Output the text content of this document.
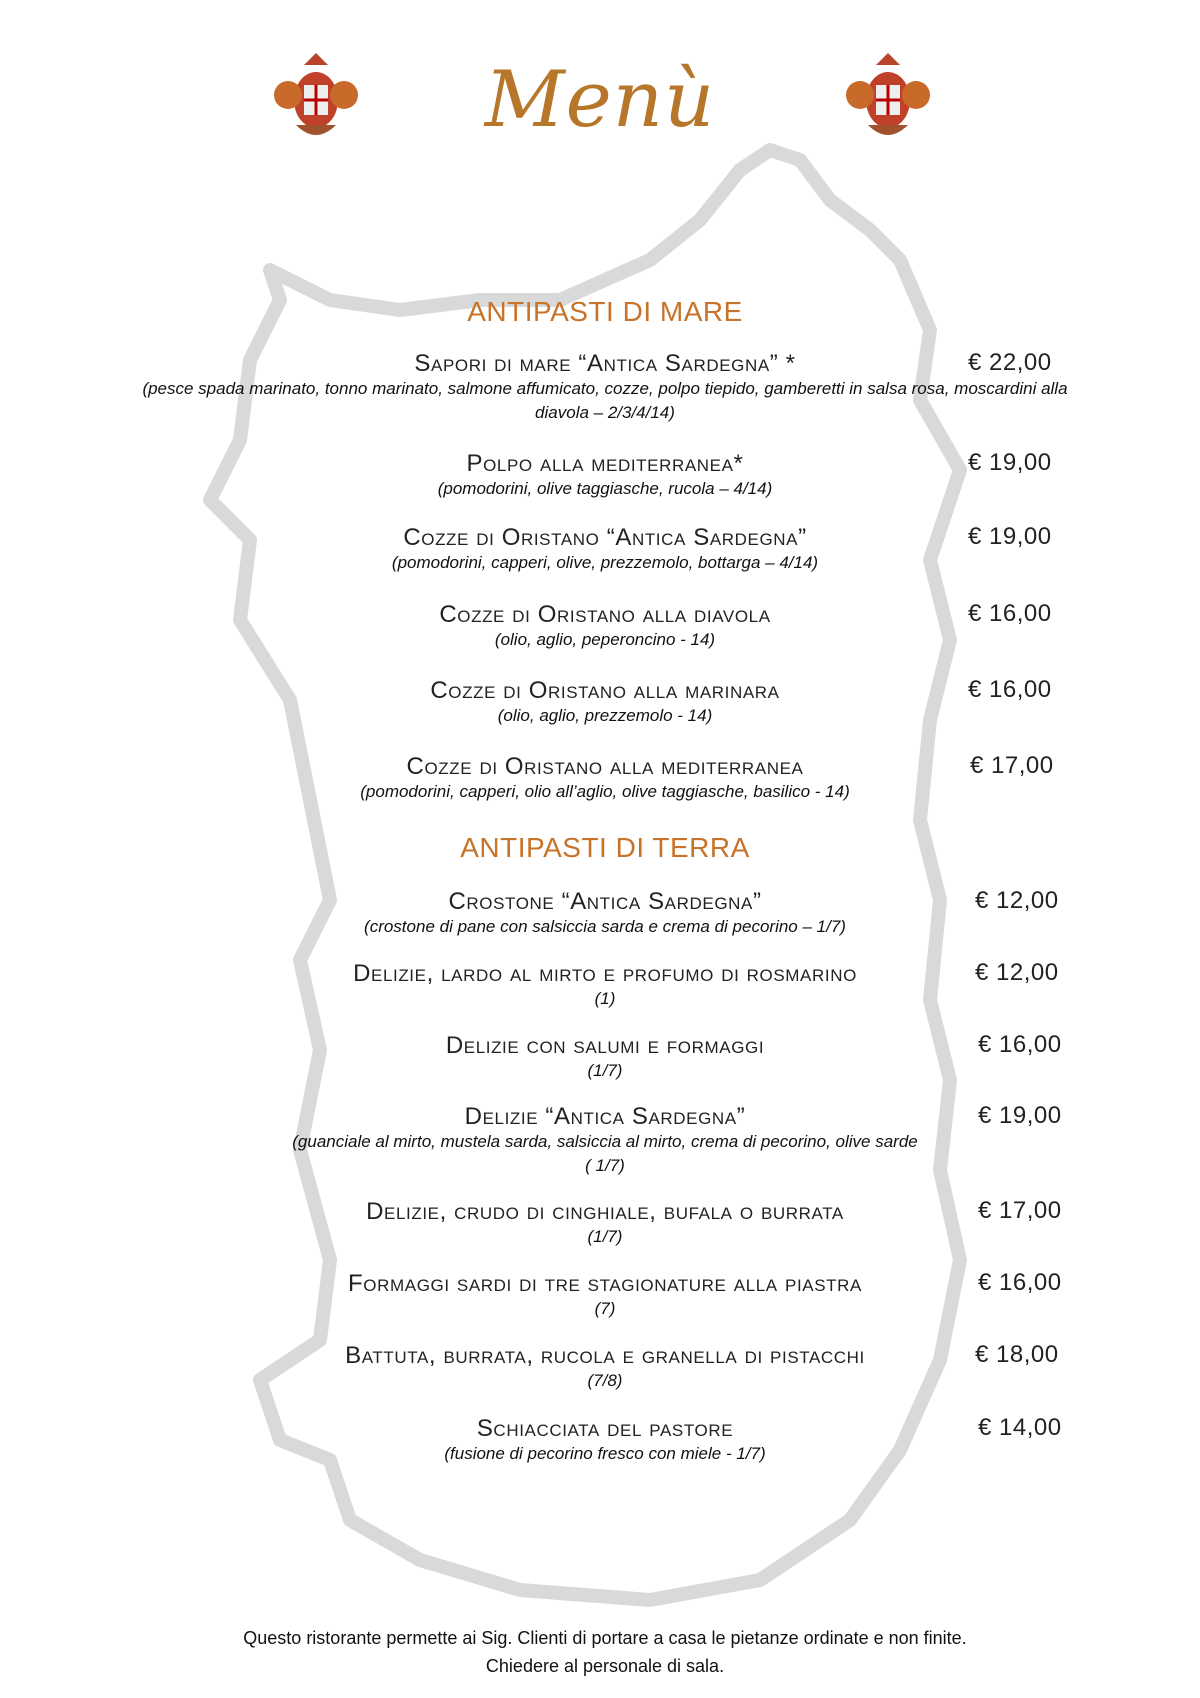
Menù
ANTIPASTI DI MARE
Sapori di mare “Antica Sardegna” *	€ 22,00
(pesce spada marinato, tonno marinato, salmone affumicato, cozze, polpo tiepido, gamberetti in salsa rosa, moscardini alla
diavola – 2/3/4/14)
Polpo alla mediterranea*	€ 19,00
(pomodorini, olive taggiasche, rucola – 4/14)
Cozze di Oristano “Antica Sardegna”	€ 19,00
(pomodorini, capperi, olive, prezzemolo, bottarga – 4/14)
Cozze di Oristano alla diavola	€ 16,00
(olio, aglio, peperoncino - 14)
Cozze di Oristano alla marinara	€ 16,00
(olio, aglio, prezzemolo - 14)
Cozze di Oristano alla mediterranea	€ 17,00
(pomodorini, capperi, olio all’aglio, olive taggiasche, basilico - 14)
ANTIPASTI DI TERRA
Crostone “Antica Sardegna”	€ 12,00
(crostone di pane con salsiccia sarda e crema di pecorino – 1/7)
Delizie, lardo al mirto e profumo di rosmarino	€ 12,00
(1)
Delizie con salumi e formaggi	€ 16,00
(1/7)
Delizie “Antica Sardegna”	€ 19,00
(guanciale al mirto, mustela sarda, salsiccia al mirto, crema di pecorino, olive sarde
( 1/7)
Delizie, crudo di cinghiale, bufala o burrata	€ 17,00
(1/7)
Formaggi sardi di tre stagionature alla piastra	€ 16,00
(7)
Battuta, burrata, rucola e granella di pistacchi	€ 18,00
(7/8)
Schiacciata del pastore	€ 14,00
(fusione di pecorino fresco con miele - 1/7)
Questo ristorante permette ai Sig. Clienti di portare a casa le pietanze ordinate e non finite.
Chiedere al personale di sala.
